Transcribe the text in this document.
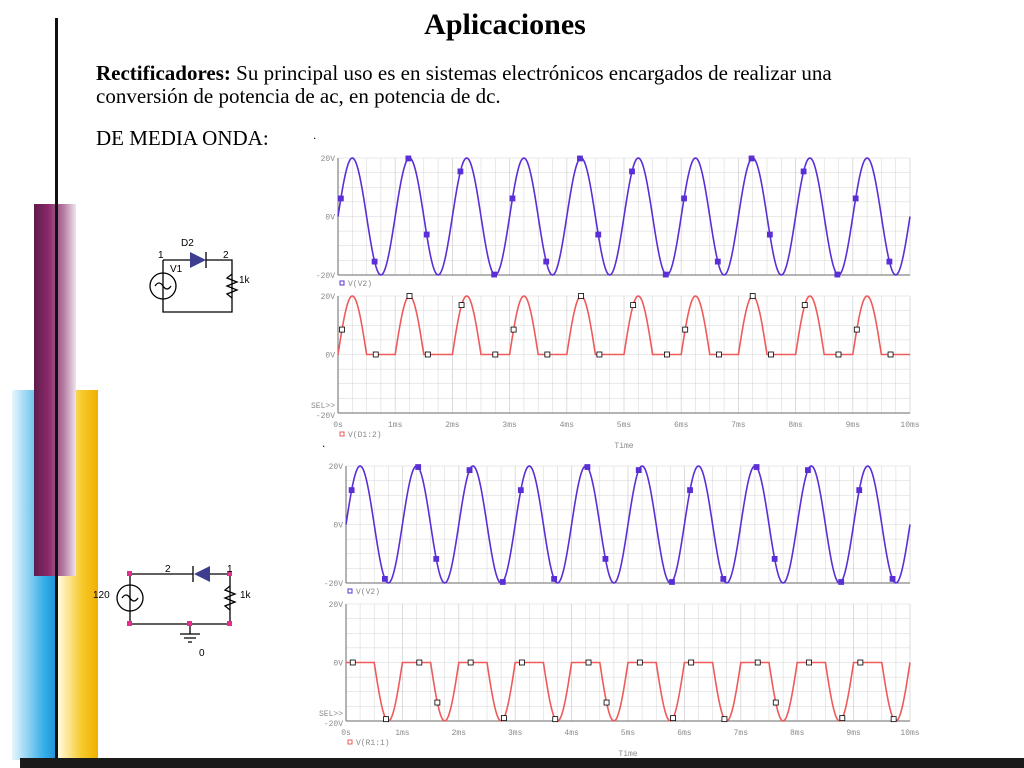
Aplicaciones
Rectificadores: Su principal uso es en sistemas electrónicos encargados de realizar una conversión de potencia de ac, en potencia de dc.
DE MEDIA ONDA:	.
.
D2
1	2
V1
1k
2	1
120	1k
0
20V
0V
-20V
V(V2)
20V
0V
SEL>>
-20V
0s	1ms	2ms	3ms	4ms	5ms	6ms	7ms	8ms	9ms	10ms
Time
V(D1:2)
20V
0V
-20V
V(V2)
20V
0V
SEL>>
-20V
0s	1ms	2ms	3ms	4ms	5ms	6ms	7ms	8ms	9ms	10ms
Time
V(R1:1)
